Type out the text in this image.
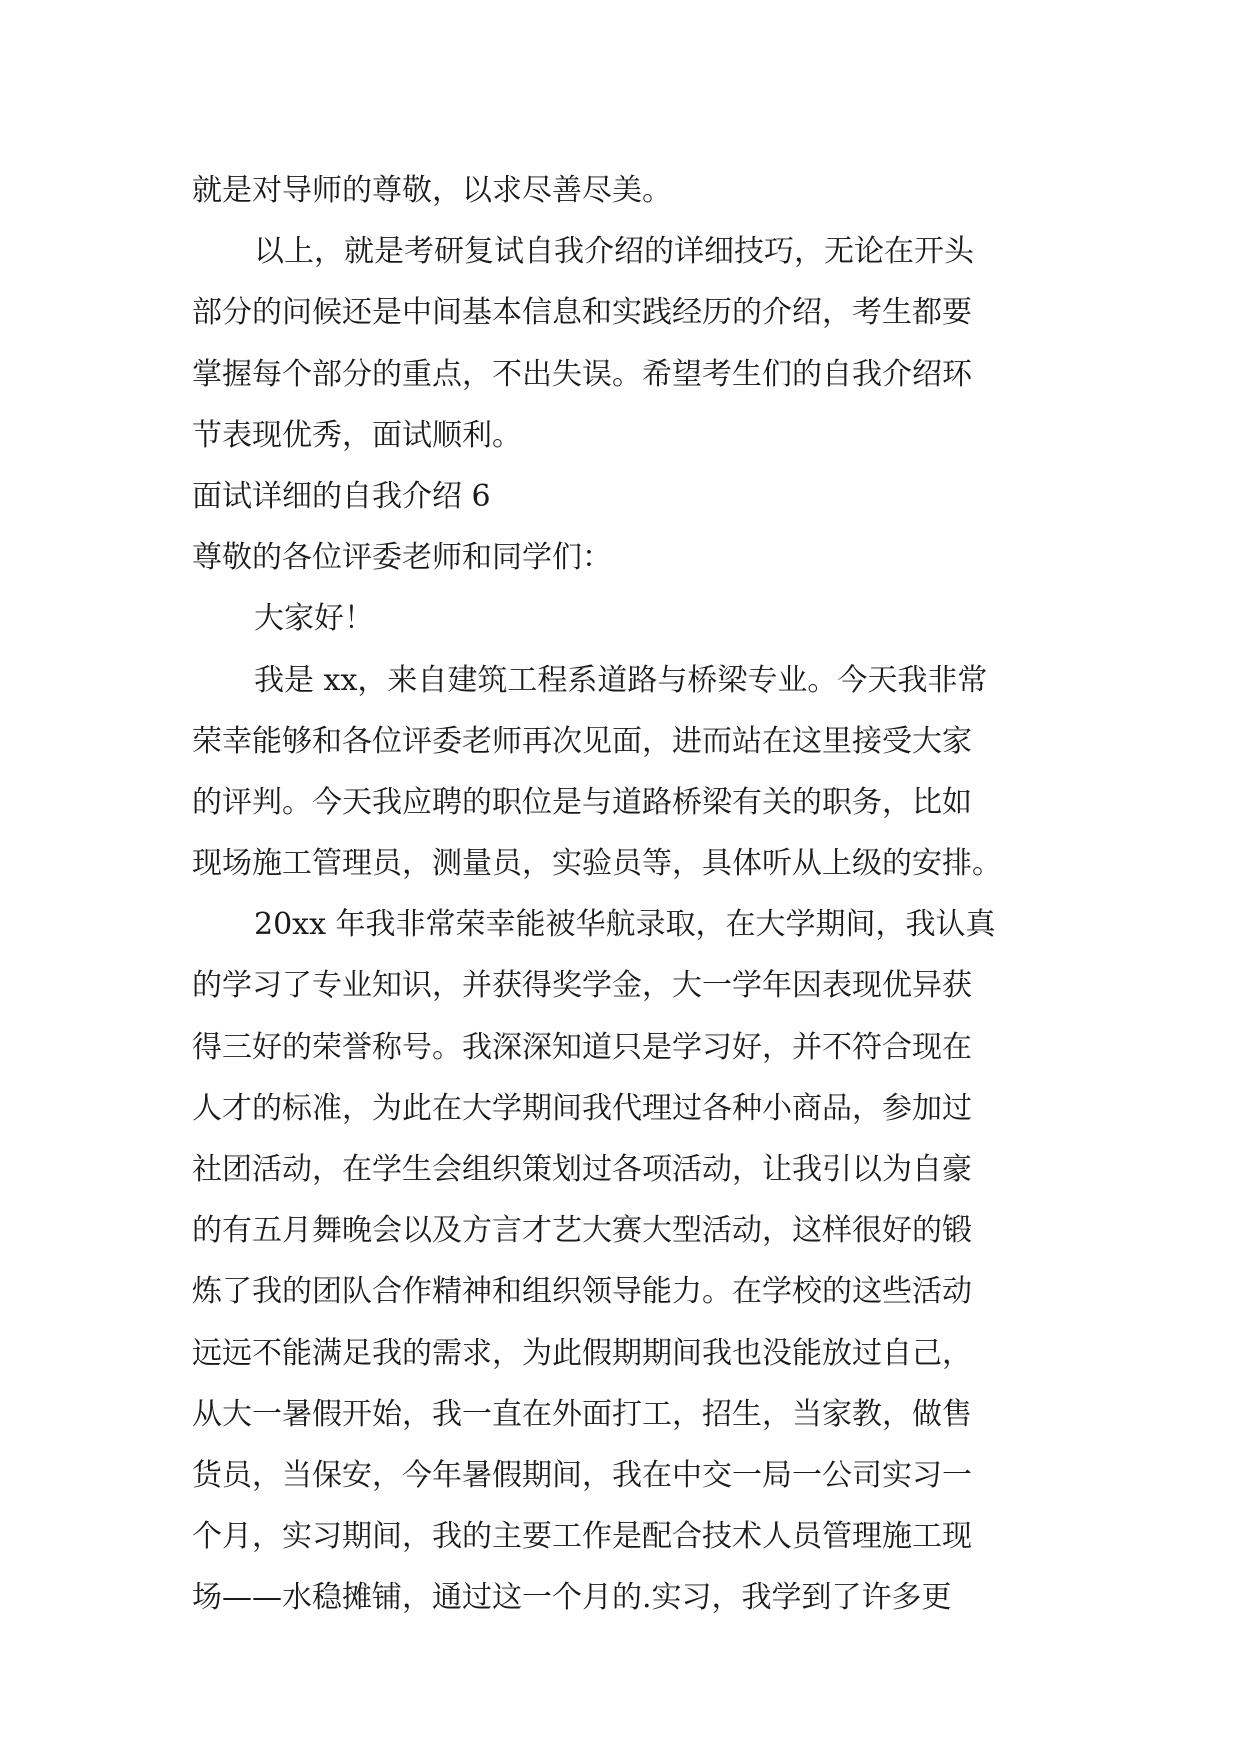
就是对导师的尊敬，以求尽善尽美。
以上，就是考研复试自我介绍的详细技巧，无论在开头
部分的问候还是中间基本信息和实践经历的介绍，考生都要
掌握每个部分的重点，不出失误。希望考生们的自我介绍环
节表现优秀，面试顺利。
面试详细的自我介绍 6
尊敬的各位评委老师和同学们：
大家好！
我是 xx，来自建筑工程系道路与桥梁专业。今天我非常
荣幸能够和各位评委老师再次见面，进而站在这里接受大家
的评判。今天我应聘的职位是与道路桥梁有关的职务，比如
现场施工管理员，测量员，实验员等，具体听从上级的安排。
20xx 年我非常荣幸能被华航录取，在大学期间，我认真
的学习了专业知识，并获得奖学金，大一学年因表现优异获
得三好的荣誉称号。我深深知道只是学习好，并不符合现在
人才的标准，为此在大学期间我代理过各种小商品，参加过
社团活动，在学生会组织策划过各项活动，让我引以为自豪
的有五月舞晚会以及方言才艺大赛大型活动，这样很好的锻
炼了我的团队合作精神和组织领导能力。在学校的这些活动
远远不能满足我的需求，为此假期期间我也没能放过自己，
从大一暑假开始，我一直在外面打工，招生，当家教，做售
货员，当保安，今年暑假期间，我在中交一局一公司实习一
个月，实习期间，我的主要工作是配合技术人员管理施工现
场——水稳摊铺，通过这一个月的.实习，我学到了许多更
